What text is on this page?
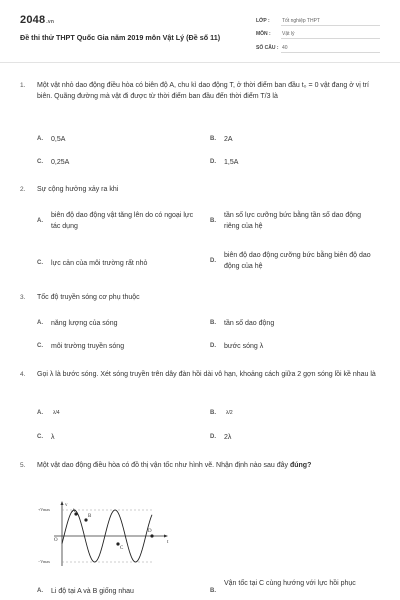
2048.vn
Đề thi thử THPT Quốc Gia năm 2019 môn Vật Lý (Đề số 11)
LỚP : Tốt nghiệp THPT
MÔN : Vật lý
SỐ CÂU : 40
1. Một vật nhỏ dao động điều hòa có biên độ A, chu kì dao động T, ở thời điểm ban đầu t₀ = 0 vật đang ở vị trí biên. Quãng đường mà vật đi được từ thời điểm ban đầu đến thời điểm T/3 là
A. 0,5A	B. 2A
C. 0,25A	D. 1,5A
2. Sự cộng hưởng xảy ra khi
A.
biên độ dao động vật tăng lên do có ngoại lực tác dụng
B.
tần số lực cưỡng bức bằng tần số dao động riêng của hệ
C. lực cản của môi trường rất nhỏ	D.
biên độ dao động cưỡng bức bằng biên độ dao động của hệ
3. Tốc độ truyền sóng cơ phụ thuộc
A. năng lượng của sóng	B. tần số dao động
C. môi trường truyền sóng	D. bước sóng λ
4. Gọi λ là bước sóng. Xét sóng truyền trên dây đàn hồi dài vô hạn, khoảng cách giữa 2 gợn sóng lồi kề nhau là
A. λ/4	B. λ/2
C. λ	D. 2λ
5. Một vật dao động điều hòa có đồ thị vận tốc như hình vẽ. Nhận định nào sau đây đúng?
v
t
O
+Vmax
−Vmax
A
B
C
D
A. Li độ tại A và B giống nhau	B.
Vận tốc tại C cùng hướng với lực hồi phục
